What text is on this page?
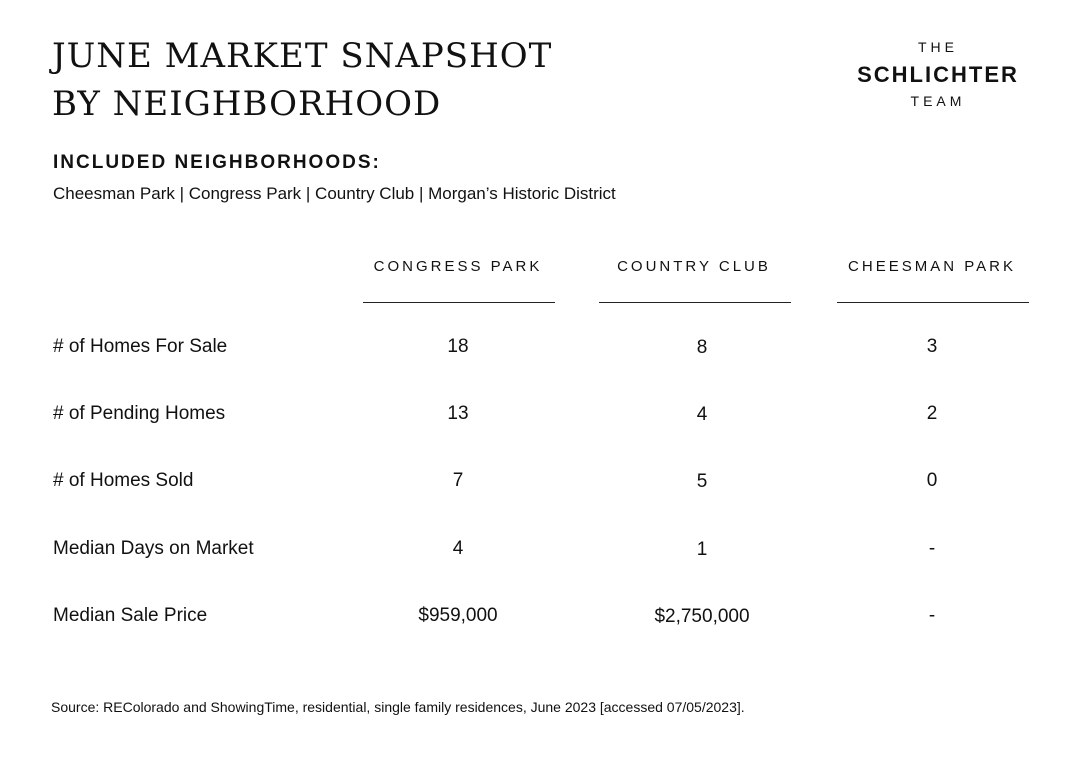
JUNE MARKET SNAPSHOT
BY NEIGHBORHOOD
THE
SCHLICHTER
TEAM
INCLUDED NEIGHBORHOODS:
Cheesman Park | Congress Park | Country Club | Morgan’s Historic District
CONGRESS PARK	COUNTRY CLUB	CHEESMAN PARK
# of Homes For Sale	18	8	3
# of Pending Homes	13	4	2
# of Homes Sold	7	5	0
Median Days on Market	4	1	-
Median Sale Price	$959,000	$2,750,000	-
Source: REColorado and ShowingTime, residential, single family residences, June 2023 [accessed 07/05/2023].
